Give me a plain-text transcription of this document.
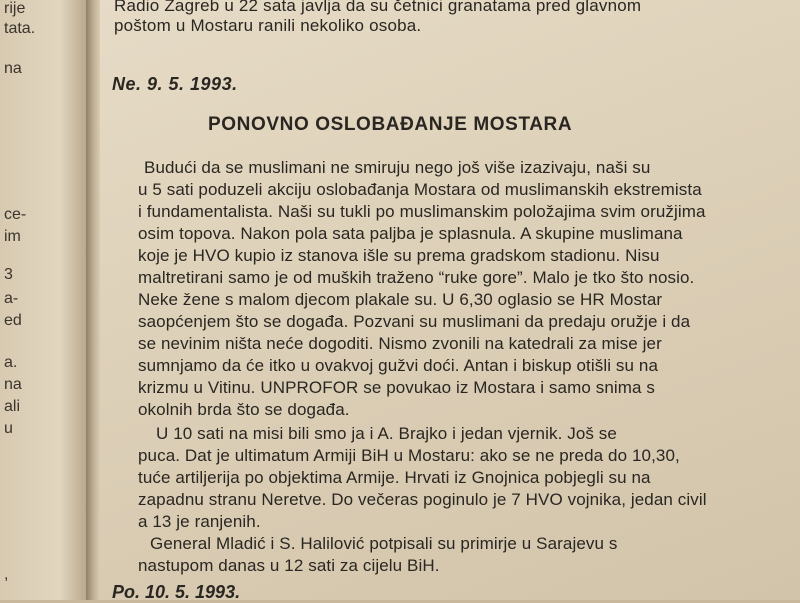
rije
tata.
na
ce-
im
3
a-
ed
a.
na
ali
u
,
Radio Zagreb u 22 sata javlja da su četnici granatama pred glavnom
poštom u Mostaru ranili nekoliko osoba.
Ne. 9. 5. 1993.
PONOVNO OSLOBAĐANJE MOSTARA
Budući da se muslimani ne smiruju nego još više izazivaju, naši su
u 5 sati poduzeli akciju oslobađanja Mostara od muslimanskih ekstremista
i fundamentalista. Naši su tukli po muslimanskim položajima svim oružjima
osim topova. Nakon pola sata paljba je splasnula. A skupine muslimana
koje je HVO kupio iz stanova išle su prema gradskom stadionu. Nisu
maltretirani samo je od muških traženo “ruke gore”. Malo je tko što nosio.
Neke žene s malom djecom plakale su. U 6,30 oglasio se HR Mostar
saopćenjem što se događa. Pozvani su muslimani da predaju oružje i da
se nevinim ništa neće dogoditi. Nismo zvonili na katedrali za mise jer
sumnjamo da će itko u ovakvoj gužvi doći. Antan i biskup otišli su na
krizmu u Vitinu. UNPROFOR se povukao iz Mostara i samo snima s
okolnih brda što se događa.
U 10 sati na misi bili smo ja i A. Brajko i jedan vjernik. Još se
puca. Dat je ultimatum Armiji BiH u Mostaru: ako se ne preda do 10,30,
tuće artiljerija po objektima Armije. Hrvati iz Gnojnica pobjegli su na
zapadnu stranu Neretve. Do večeras poginulo je 7 HVO vojnika, jedan civil
a 13 je ranjenih.
General Mladić i S. Halilović potpisali su primirje u Sarajevu s
nastupom danas u 12 sati za cijelu BiH.
Po. 10. 5. 1993.
